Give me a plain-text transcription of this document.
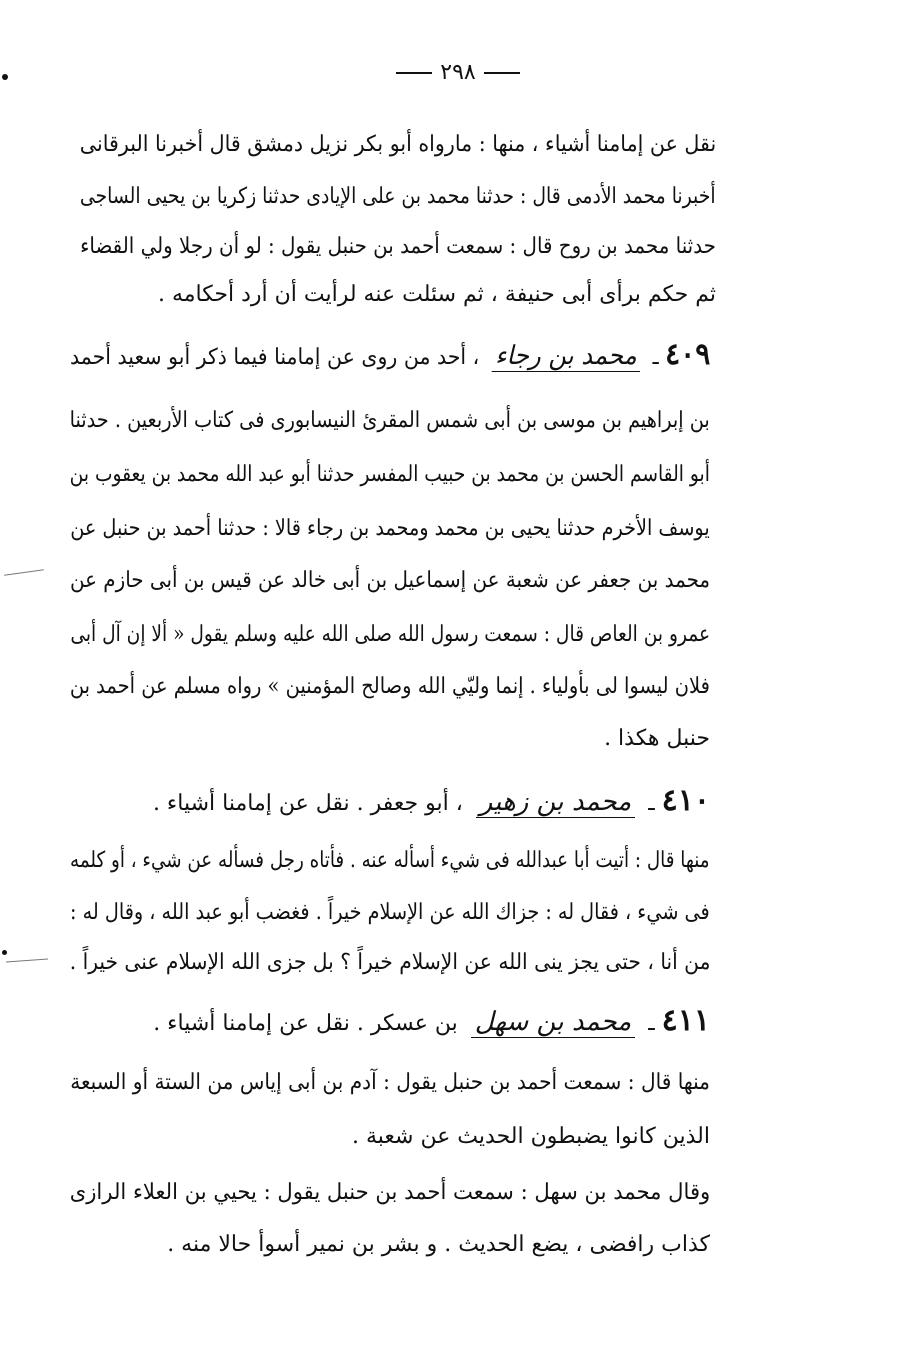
٢٩٨
نقل عن إمامنا أشياء ، منها : مارواه أبو بكر نزيل دمشق قال أخبرنا البرقانى
أخبرنا محمد الأدمى قال : حدثنا محمد بن على الإيادى حدثنا زكريا بن يحيى الساجى
حدثنا محمد بن روح قال : سمعت أحمد بن حنبل يقول : لو أن رجلا ولي القضاء
ثم حكم برأى أبى حنيفة ، ثم سئلت عنه لرأيت أن أرد أحكامه .
٤٠٩ ـ محمد بن رجاء ، أحد من روى عن إمامنا فيما ذكر أبو سعيد أحمد
بن إبراهيم بن موسى بن أبى شمس المقرئ النيسابورى فى كتاب الأربعين . حدثنا
أبو القاسم الحسن بن محمد بن حبيب المفسر حدثنا أبو عبد الله محمد بن يعقوب بن
يوسف الأخرم حدثنا يحيى بن محمد ومحمد بن رجاء قالا : حدثنا أحمد بن حنبل عن
محمد بن جعفر عن شعبة عن إسماعيل بن أبى خالد عن قيس بن أبى حازم عن
عمرو بن العاص قال : سمعت رسول الله صلى الله عليه وسلم يقول « ألا إن آل أبى
فلان ليسوا لى بأولياء . إنما وليّي الله وصالح المؤمنين » رواه مسلم عن أحمد بن
حنبل هكذا .
٤١٠ ـ محمد بن زهير ، أبو جعفر . نقل عن إمامنا أشياء .
منها قال : أتيت أبا عبدالله فى شيء أسأله عنه . فأتاه رجل فسأله عن شيء ، أو كلمه
فى شيء ، فقال له : جزاك الله عن الإسلام خيراً . فغضب أبو عبد الله ، وقال له :
من أنا ، حتى يجز ينى الله عن الإسلام خيراً ؟ بل جزى الله الإسلام عنى خيراً .
٤١١ ـ محمد بن سهل بن عسكر . نقل عن إمامنا أشياء .
منها قال : سمعت أحمد بن حنبل يقول : آدم بن أبى إياس من الستة أو السبعة
الذين كانوا يضبطون الحديث عن شعبة .
وقال محمد بن سهل : سمعت أحمد بن حنبل يقول : يحيي بن العلاء الرازى
كذاب رافضى ، يضع الحديث . و بشر بن نمير أسوأ حالا منه .
